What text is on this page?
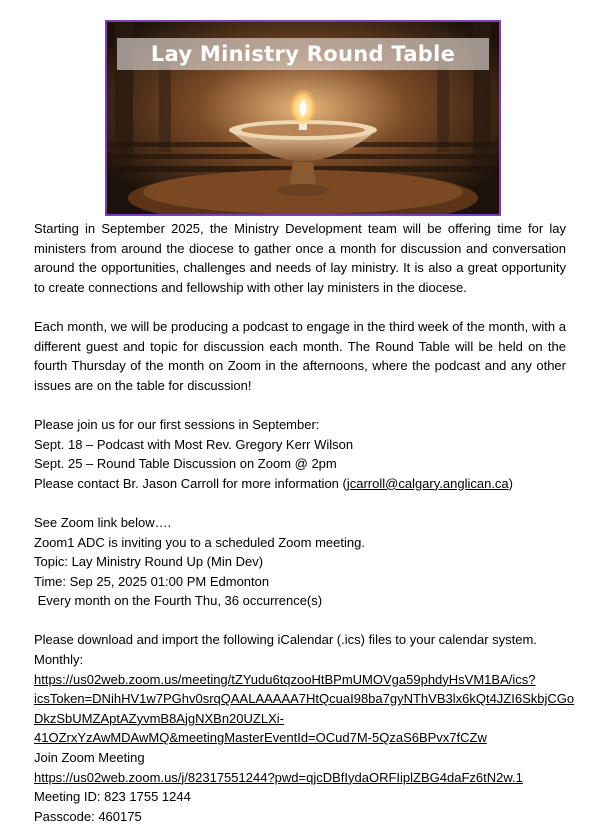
Lay Ministry Round Table

Starting in September 2025, the Ministry Development team will be offering time for lay ministers from around the diocese to gather once a month for discussion and conversation around the opportunities, challenges and needs of lay ministry. It is also a great opportunity to create connections and fellowship with other lay ministers in the diocese.

Each month, we will be producing a podcast to engage in the third week of the month, with a different guest and topic for discussion each month. The Round Table will be held on the fourth Thursday of the month on Zoom in the afternoons, where the podcast and any other issues are on the table for discussion!

Please join us for our first sessions in September:

Sept. 18 – Podcast with Most Rev. Gregory Kerr Wilson

Sept. 25 – Round Table Discussion on Zoom @ 2pm

Please contact Br. Jason Carroll for more information (jcarroll@calgary.anglican.ca)

See Zoom link below….

Zoom1 ADC is inviting you to a scheduled Zoom meeting.

Topic: Lay Ministry Round Up (Min Dev)

Time: Sep 25, 2025 01:00 PM Edmonton

Every month on the Fourth Thu, 36 occurrence(s)

Please download and import the following iCalendar (.ics) files to your calendar system.

Monthly:

https://us02web.zoom.us/meeting/tZYudu6tqzooHtBPmUMOVga59phdyHsVM1BA/ics?

icsToken=DNihHV1w7PGhv0srqQAALAAAAA7HtQcuaI98ba7gyNThVB3lx6kQt4JZI6SkbjCGo

DkzSbUMZAptAZyvmB8AjgNXBn20UZLXi-

41OZrxYzAwMDAwMQ&meetingMasterEventId=OCud7M-5QzaS6BPvx7fCZw

Join Zoom Meeting

https://us02web.zoom.us/j/82317551244?pwd=qjcDBfIydaORFIiplZBG4daFz6tN2w.1

Meeting ID: 823 1755 1244

Passcode: 460175
